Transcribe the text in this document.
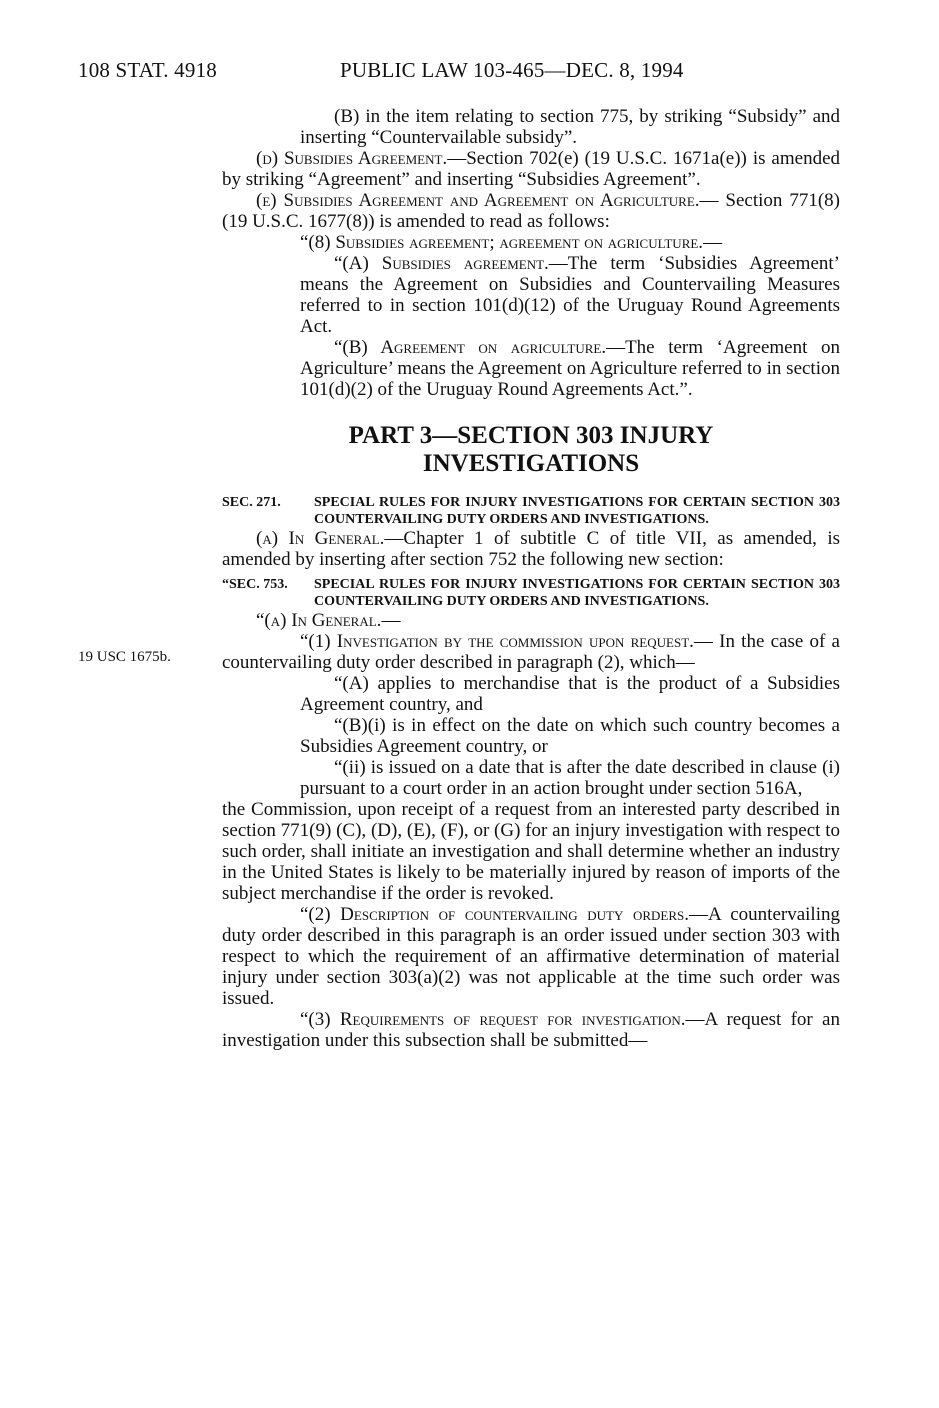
108 STAT. 4918	PUBLIC LAW 103-465—DEC. 8, 1994
19 USC 1675b.

(B) in the item relating to section 775, by striking “Subsidy” and inserting “Countervailable subsidy”.

(d) Subsidies Agreement.—Section 702(e) (19 U.S.C. 1671a(e)) is amended by striking “Agreement” and inserting “Subsidies Agreement”.

(e) Subsidies Agreement and Agreement on Agriculture.— Section 771(8) (19 U.S.C. 1677(8)) is amended to read as follows:

“(8) Subsidies agreement; agreement on agriculture.—

“(A) Subsidies agreement.—The term ‘Subsidies Agreement’ means the Agreement on Subsidies and Countervailing Measures referred to in section 101(d)(12) of the Uruguay Round Agreements Act.

“(B) Agreement on agriculture.—The term ‘Agreement on Agriculture’ means the Agreement on Agriculture referred to in section 101(d)(2) of the Uruguay Round Agreements Act.”.

PART 3—SECTION 303 INJURY
INVESTIGATIONS

SEC. 271. SPECIAL RULES FOR INJURY INVESTIGATIONS FOR CERTAIN SECTION 303 COUNTERVAILING DUTY ORDERS AND INVESTIGATIONS.

(a) In General.—Chapter 1 of subtitle C of title VII, as amended, is amended by inserting after section 752 the following new section:

“SEC. 753. SPECIAL RULES FOR INJURY INVESTIGATIONS FOR CERTAIN SECTION 303 COUNTERVAILING DUTY ORDERS AND INVESTIGATIONS.

“(a) In General.—

“(1) Investigation by the commission upon request.— In the case of a countervailing duty order described in paragraph (2), which—

“(A) applies to merchandise that is the product of a Subsidies Agreement country, and

“(B)(i) is in effect on the date on which such country becomes a Subsidies Agreement country, or

“(ii) is issued on a date that is after the date described in clause (i) pursuant to a court order in an action brought under section 516A,

the Commission, upon receipt of a request from an interested party described in section 771(9) (C), (D), (E), (F), or (G) for an injury investigation with respect to such order, shall initiate an investigation and shall determine whether an industry in the United States is likely to be materially injured by reason of imports of the subject merchandise if the order is revoked.

“(2) Description of countervailing duty orders.—A countervailing duty order described in this paragraph is an order issued under section 303 with respect to which the requirement of an affirmative determination of material injury under section 303(a)(2) was not applicable at the time such order was issued.

“(3) Requirements of request for investigation.—A request for an investigation under this subsection shall be submitted—
